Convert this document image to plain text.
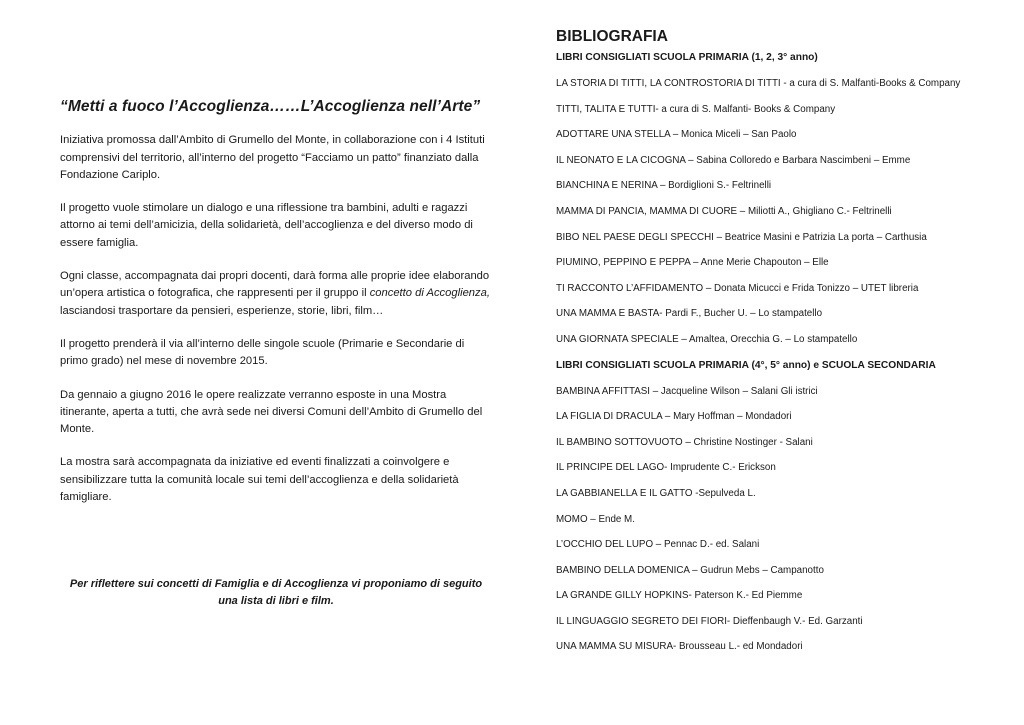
“Metti a fuoco l’Accoglienza……L’Accoglienza nell’Arte”

Iniziativa promossa dall’Ambito di Grumello del Monte, in collaborazione con i 4 Istituti comprensivi del territorio, all’interno del progetto “Facciamo un patto” finanziato dalla Fondazione Cariplo.

Il progetto vuole stimolare un dialogo e una riflessione tra bambini, adulti e ragazzi attorno ai temi dell’amicizia, della solidarietà, dell’accoglienza e del diverso modo di essere famiglia.

Ogni classe, accompagnata dai propri docenti, darà forma alle proprie idee elaborando un’opera artistica o fotografica, che rappresenti per il gruppo il concetto di Accoglienza, lasciandosi trasportare da pensieri, esperienze, storie, libri, film…

Il progetto prenderà il via all’interno delle singole scuole (Primarie e Secondarie di primo grado) nel mese di novembre 2015.

Da gennaio a giugno 2016 le opere realizzate verranno esposte in una Mostra itinerante, aperta a tutti, che avrà sede nei diversi Comuni dell’Ambito di Grumello del Monte.

La mostra sarà accompagnata da iniziative ed eventi finalizzati a coinvolgere e sensibilizzare tutta la comunità locale sui temi dell’accoglienza e della solidarietà famigliare.

Per riflettere sui concetti di Famiglia e di Accoglienza vi proponiamo di seguito una lista di libri e film.
BIBLIOGRAFIA
LIBRI CONSIGLIATI SCUOLA PRIMARIA (1, 2, 3° anno)
LA STORIA DI TITTI, LA CONTROSTORIA DI TITTI - a cura di S. Malfanti-Books & Company
TITTI, TALITA E TUTTI- a cura di S. Malfanti- Books & Company
ADOTTARE UNA STELLA – Monica Miceli – San Paolo
IL NEONATO E LA CICOGNA – Sabina Colloredo e Barbara Nascimbeni – Emme
BIANCHINA E NERINA – Bordiglioni S.- Feltrinelli
MAMMA DI PANCIA, MAMMA DI CUORE – Miliotti A., Ghigliano C.- Feltrinelli
BIBO NEL PAESE DEGLI SPECCHI – Beatrice Masini e Patrizia La porta – Carthusia
PIUMINO, PEPPINO E PEPPA – Anne Merie Chapouton – Elle
TI RACCONTO L’AFFIDAMENTO – Donata Micucci e Frida Tonizzo – UTET libreria
UNA MAMMA E BASTA- Pardi F., Bucher U. – Lo stampatello
UNA GIORNATA SPECIALE – Amaltea, Orecchia G. – Lo stampatello
LIBRI CONSIGLIATI SCUOLA PRIMARIA (4°, 5° anno) e SCUOLA SECONDARIA
BAMBINA AFFITTASI – Jacqueline Wilson – Salani Gli istrici
LA FIGLIA DI DRACULA – Mary Hoffman – Mondadori
IL BAMBINO SOTTOVUOTO – Christine Nostinger - Salani
IL PRINCIPE DEL LAGO- Imprudente C.- Erickson
LA GABBIANELLA E IL GATTO -Sepulveda L.
MOMO – Ende M.
L’OCCHIO DEL LUPO – Pennac D.- ed. Salani
BAMBINO DELLA DOMENICA – Gudrun Mebs – Campanotto
LA GRANDE GILLY HOPKINS- Paterson K.- Ed Piemme
IL LINGUAGGIO SEGRETO DEI FIORI- Dieffenbaugh V.- Ed. Garzanti
UNA MAMMA SU MISURA- Brousseau L.- ed Mondadori
